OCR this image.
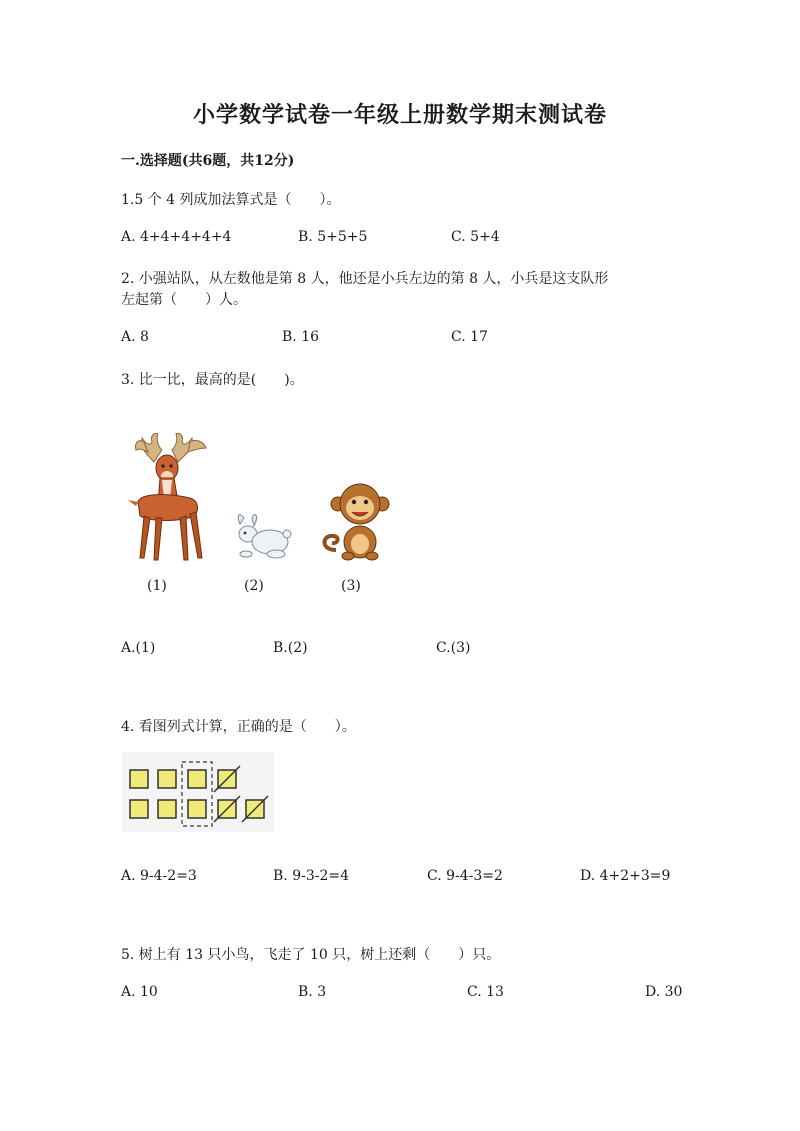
小学数学试卷一年级上册数学期末测试卷
一.选择题(共6题，共12分)
1.5 个 4 列成加法算式是（　　）。
A. 4+4+4+4+4	B. 5+5+5	C. 5+4
2. 小强站队，从左数他是第 8 人，他还是小兵左边的第 8 人，小兵是这支队形
左起第（　　）人。
A. 8	B. 16	C. 17
3. 比一比，最高的是(　　)。
(1)	(2)	(3)
A.(1)	B.(2)	C.(3)
4. 看图列式计算，正确的是（　　）。
A. 9-4-2=3	B. 9-3-2=4	C. 9-4-3=2	D. 4+2+3=9
5. 树上有 13 只小鸟，飞走了 10 只，树上还剩（　　）只。
A. 10	B. 3	C. 13	D. 30
